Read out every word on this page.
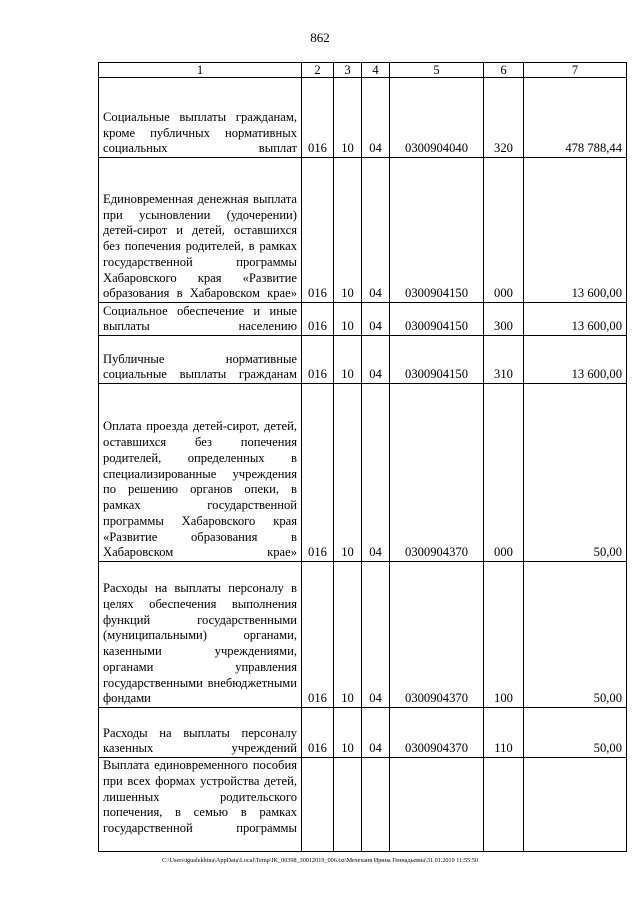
862
1	2	3	4	5	6	7
Социальные выплаты гражданам, кроме публичных нормативных социальных выплат	016	10	04	0300904040	320	478 788,44
Единовременная денежная выплата при усыновлении (удочерении) детей-сирот и детей, оставшихся без попечения родителей, в рамках государственной программы Хабаровского края «Развитие образования в Хабаровском крае»	016	10	04	0300904150	000	13 600,00
Социальное обеспечение и иные выплаты населению	016	10	04	0300904150	300	13 600,00
Публичные нормативные социальные выплаты гражданам	016	10	04	0300904150	310	13 600,00
Оплата проезда детей-сирот, детей, оставшихся без попечения родителей, определенных в специализированные учреждения по решению органов опеки, в рамках государственной программы Хабаровского края «Развитие образования в Хабаровском крае»	016	10	04	0300904370	000	50,00
Расходы на выплаты персоналу в целях обеспечения выполнения функций государственными (муниципальными) органами, казенными учреждениями, органами управления государственными внебюджетными фондами	016	10	04	0300904370	100	50,00
Расходы на выплаты персоналу казенных учреждений	016	10	04	0300904370	110	50,00
Выплата единовременного пособия при всех формах устройства детей, лишенных родительского попечения, в семью в рамках государственной программы						
C:\Users\igualekhina\AppData\Local\Temp\IK_00398_30012019_006.txt\Мехеханя Ирина Геннадьевна\31.01.2019 11:55:50
